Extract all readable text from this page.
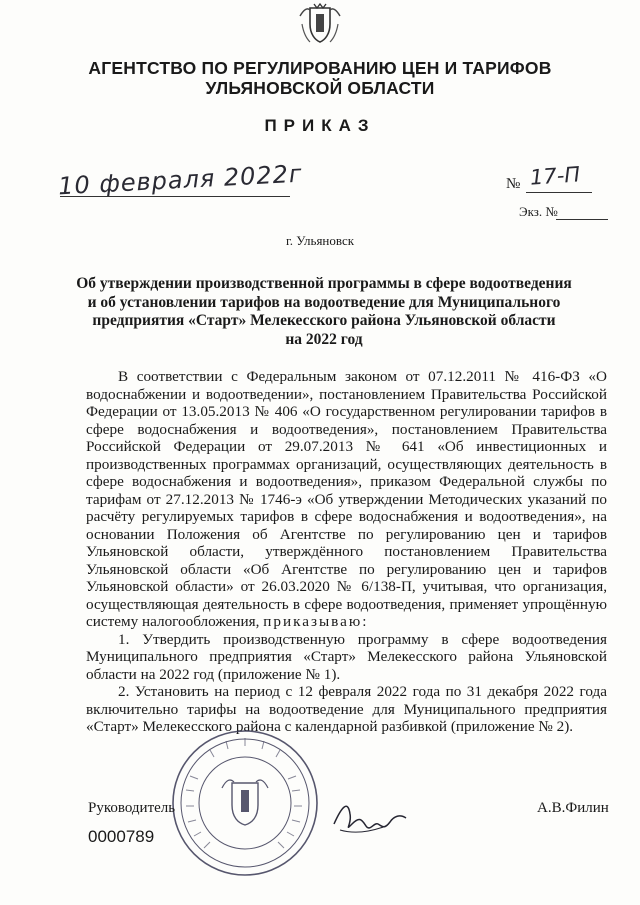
АГЕНТСТВО ПО РЕГУЛИРОВАНИЮ ЦЕН И ТАРИФОВ
УЛЬЯНОВСКОЙ ОБЛАСТИ
ПРИКАЗ
10 февраля 2022г	№ 17-П
Экз. №
г. Ульяновск
Об утверждении производственной программы в сфере водоотведения
и об установлении тарифов на водоотведение для Муниципального
предприятия «Старт» Мелекесского района Ульяновской области
на 2022 год

В соответствии с Федеральным законом от 07.12.2011 № 416-ФЗ «О водоснабжении и водоотведении», постановлением Правительства Российской Федерации от 13.05.2013 № 406 «О государственном регулировании тарифов в сфере водоснабжения и водоотведения», постановлением Правительства Российской Федерации от 29.07.2013 № 641 «Об инвестиционных и производственных программах организаций, осуществляющих деятельность в сфере водоснабжения и водоотведения», приказом Федеральной службы по тарифам от 27.12.2013 № 1746-э «Об утверждении Методических указаний по расчёту регулируемых тарифов в сфере водоснабжения и водоотведения», на основании Положения об Агентстве по регулированию цен и тарифов Ульяновской области, утверждённого постановлением Правительства Ульяновской области «Об Агентстве по регулированию цен и тарифов Ульяновской области» от 26.03.2020 № 6/138-П, учитывая, что организация, осуществляющая деятельность в сфере водоотведения, применяет упрощённую систему налогообложения, приказываю:

1. Утвердить производственную программу в сфере водоотведения Муниципального предприятия «Старт» Мелекесского района Ульяновской области на 2022 год (приложение № 1).

2. Установить на период с 12 февраля 2022 года по 31 декабря 2022 года включительно тарифы на водоотведение для Муниципального предприятия «Старт» Мелекесского района с календарной разбивкой (приложение № 2).

Руководитель	А.В.Филин
0000789
